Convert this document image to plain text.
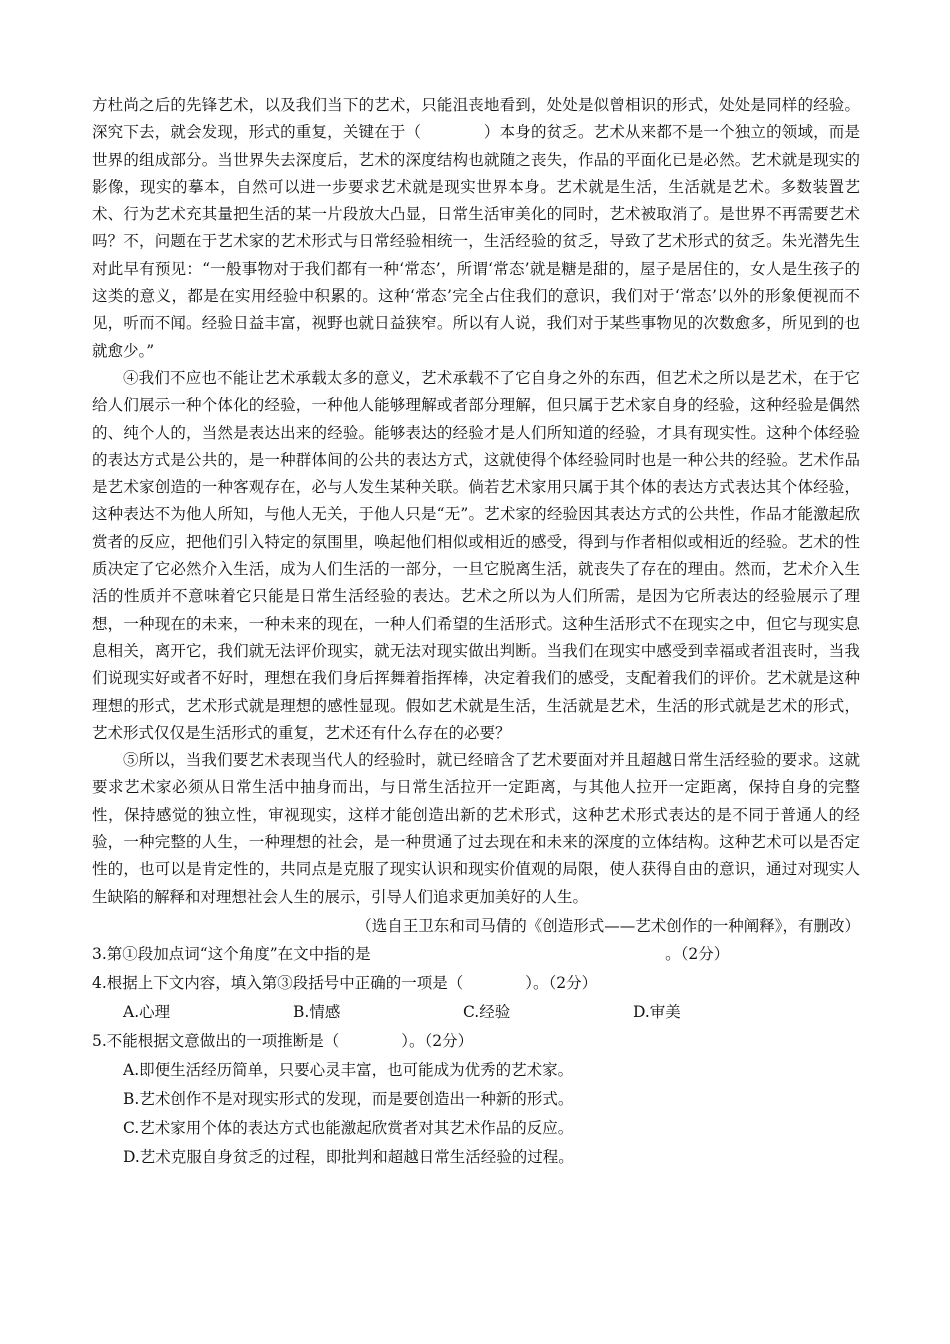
方杜尚之后的先锋艺术，以及我们当下的艺术，只能沮丧地看到，处处是似曾相识的形式，处处是同样的经验。深究下去，就会发现，形式的重复，关键在于（　　　　）本身的贫乏。艺术从来都不是一个独立的领域，而是世界的组成部分。当世界失去深度后，艺术的深度结构也就随之丧失，作品的平面化已是必然。艺术就是现实的影像，现实的摹本，自然可以进一步要求艺术就是现实世界本身。艺术就是生活，生活就是艺术。多数装置艺术、行为艺术充其量把生活的某一片段放大凸显，日常生活审美化的同时，艺术被取消了。是世界不再需要艺术吗？不，问题在于艺术家的艺术形式与日常经验相统一，生活经验的贫乏，导致了艺术形式的贫乏。朱光潜先生对此早有预见：“一般事物对于我们都有一种‘常态’，所谓‘常态’就是糖是甜的，屋子是居住的，女人是生孩子的这类的意义，都是在实用经验中积累的。这种‘常态’完全占住我们的意识，我们对于‘常态’以外的形象便视而不见，听而不闻。经验日益丰富，视野也就日益狭窄。所以有人说，我们对于某些事物见的次数愈多，所见到的也就愈少。”

④我们不应也不能让艺术承载太多的意义，艺术承载不了它自身之外的东西，但艺术之所以是艺术，在于它给人们展示一种个体化的经验，一种他人能够理解或者部分理解，但只属于艺术家自身的经验，这种经验是偶然的、纯个人的，当然是表达出来的经验。能够表达的经验才是人们所知道的经验，才具有现实性。这种个体经验的表达方式是公共的，是一种群体间的公共的表达方式，这就使得个体经验同时也是一种公共的经验。艺术作品是艺术家创造的一种客观存在，必与人发生某种关联。倘若艺术家用只属于其个体的表达方式表达其个体经验，这种表达不为他人所知，与他人无关，于他人只是“无”。艺术家的经验因其表达方式的公共性，作品才能激起欣赏者的反应，把他们引入特定的氛围里，唤起他们相似或相近的感受，得到与作者相似或相近的经验。艺术的性质决定了它必然介入生活，成为人们生活的一部分，一旦它脱离生活，就丧失了存在的理由。然而，艺术介入生活的性质并不意味着它只能是日常生活经验的表达。艺术之所以为人们所需，是因为它所表达的经验展示了理想，一种现在的未来，一种未来的现在，一种人们希望的生活形式。这种生活形式不在现实之中，但它与现实息息相关，离开它，我们就无法评价现实，就无法对现实做出判断。当我们在现实中感受到幸福或者沮丧时，当我们说现实好或者不好时，理想在我们身后挥舞着指挥棒，决定着我们的感受，支配着我们的评价。艺术就是这种理想的形式，艺术形式就是理想的感性显现。假如艺术就是生活，生活就是艺术，生活的形式就是艺术的形式，艺术形式仅仅是生活形式的重复，艺术还有什么存在的必要？

⑤所以，当我们要艺术表现当代人的经验时，就已经暗含了艺术要面对并且超越日常生活经验的要求。这就要求艺术家必须从日常生活中抽身而出，与日常生活拉开一定距离，与其他人拉开一定距离，保持自身的完整性，保持感觉的独立性，审视现实，这样才能创造出新的艺术形式，这种艺术形式表达的是不同于普通人的经验，一种完整的人生，一种理想的社会，是一种贯通了过去现在和未来的深度的立体结构。这种艺术可以是否定性的，也可以是肯定性的，共同点是克服了现实认识和现实价值观的局限，使人获得自由的意识，通过对现实人生缺陷的解释和对理想社会人生的展示，引导人们追求更加美好的人生。

（选自王卫东和司马倩的《创造形式——艺术创作的一种阐释》，有删改）

3.第①段加点词“这个角度”在文中指的是　　　　　　　　　　　　　　　　　　　。（2分）

4.根据上下文内容，填入第③段括号中正确的一项是（　　　　）。（2分）

A.心理	B.情感	C.经验	D.审美

5.不能根据文意做出的一项推断是（　　　　）。（2分）

A.即便生活经历简单，只要心灵丰富，也可能成为优秀的艺术家。

B.艺术创作不是对现实形式的发现，而是要创造出一种新的形式。

C.艺术家用个体的表达方式也能激起欣赏者对其艺术作品的反应。

D.艺术克服自身贫乏的过程，即批判和超越日常生活经验的过程。
